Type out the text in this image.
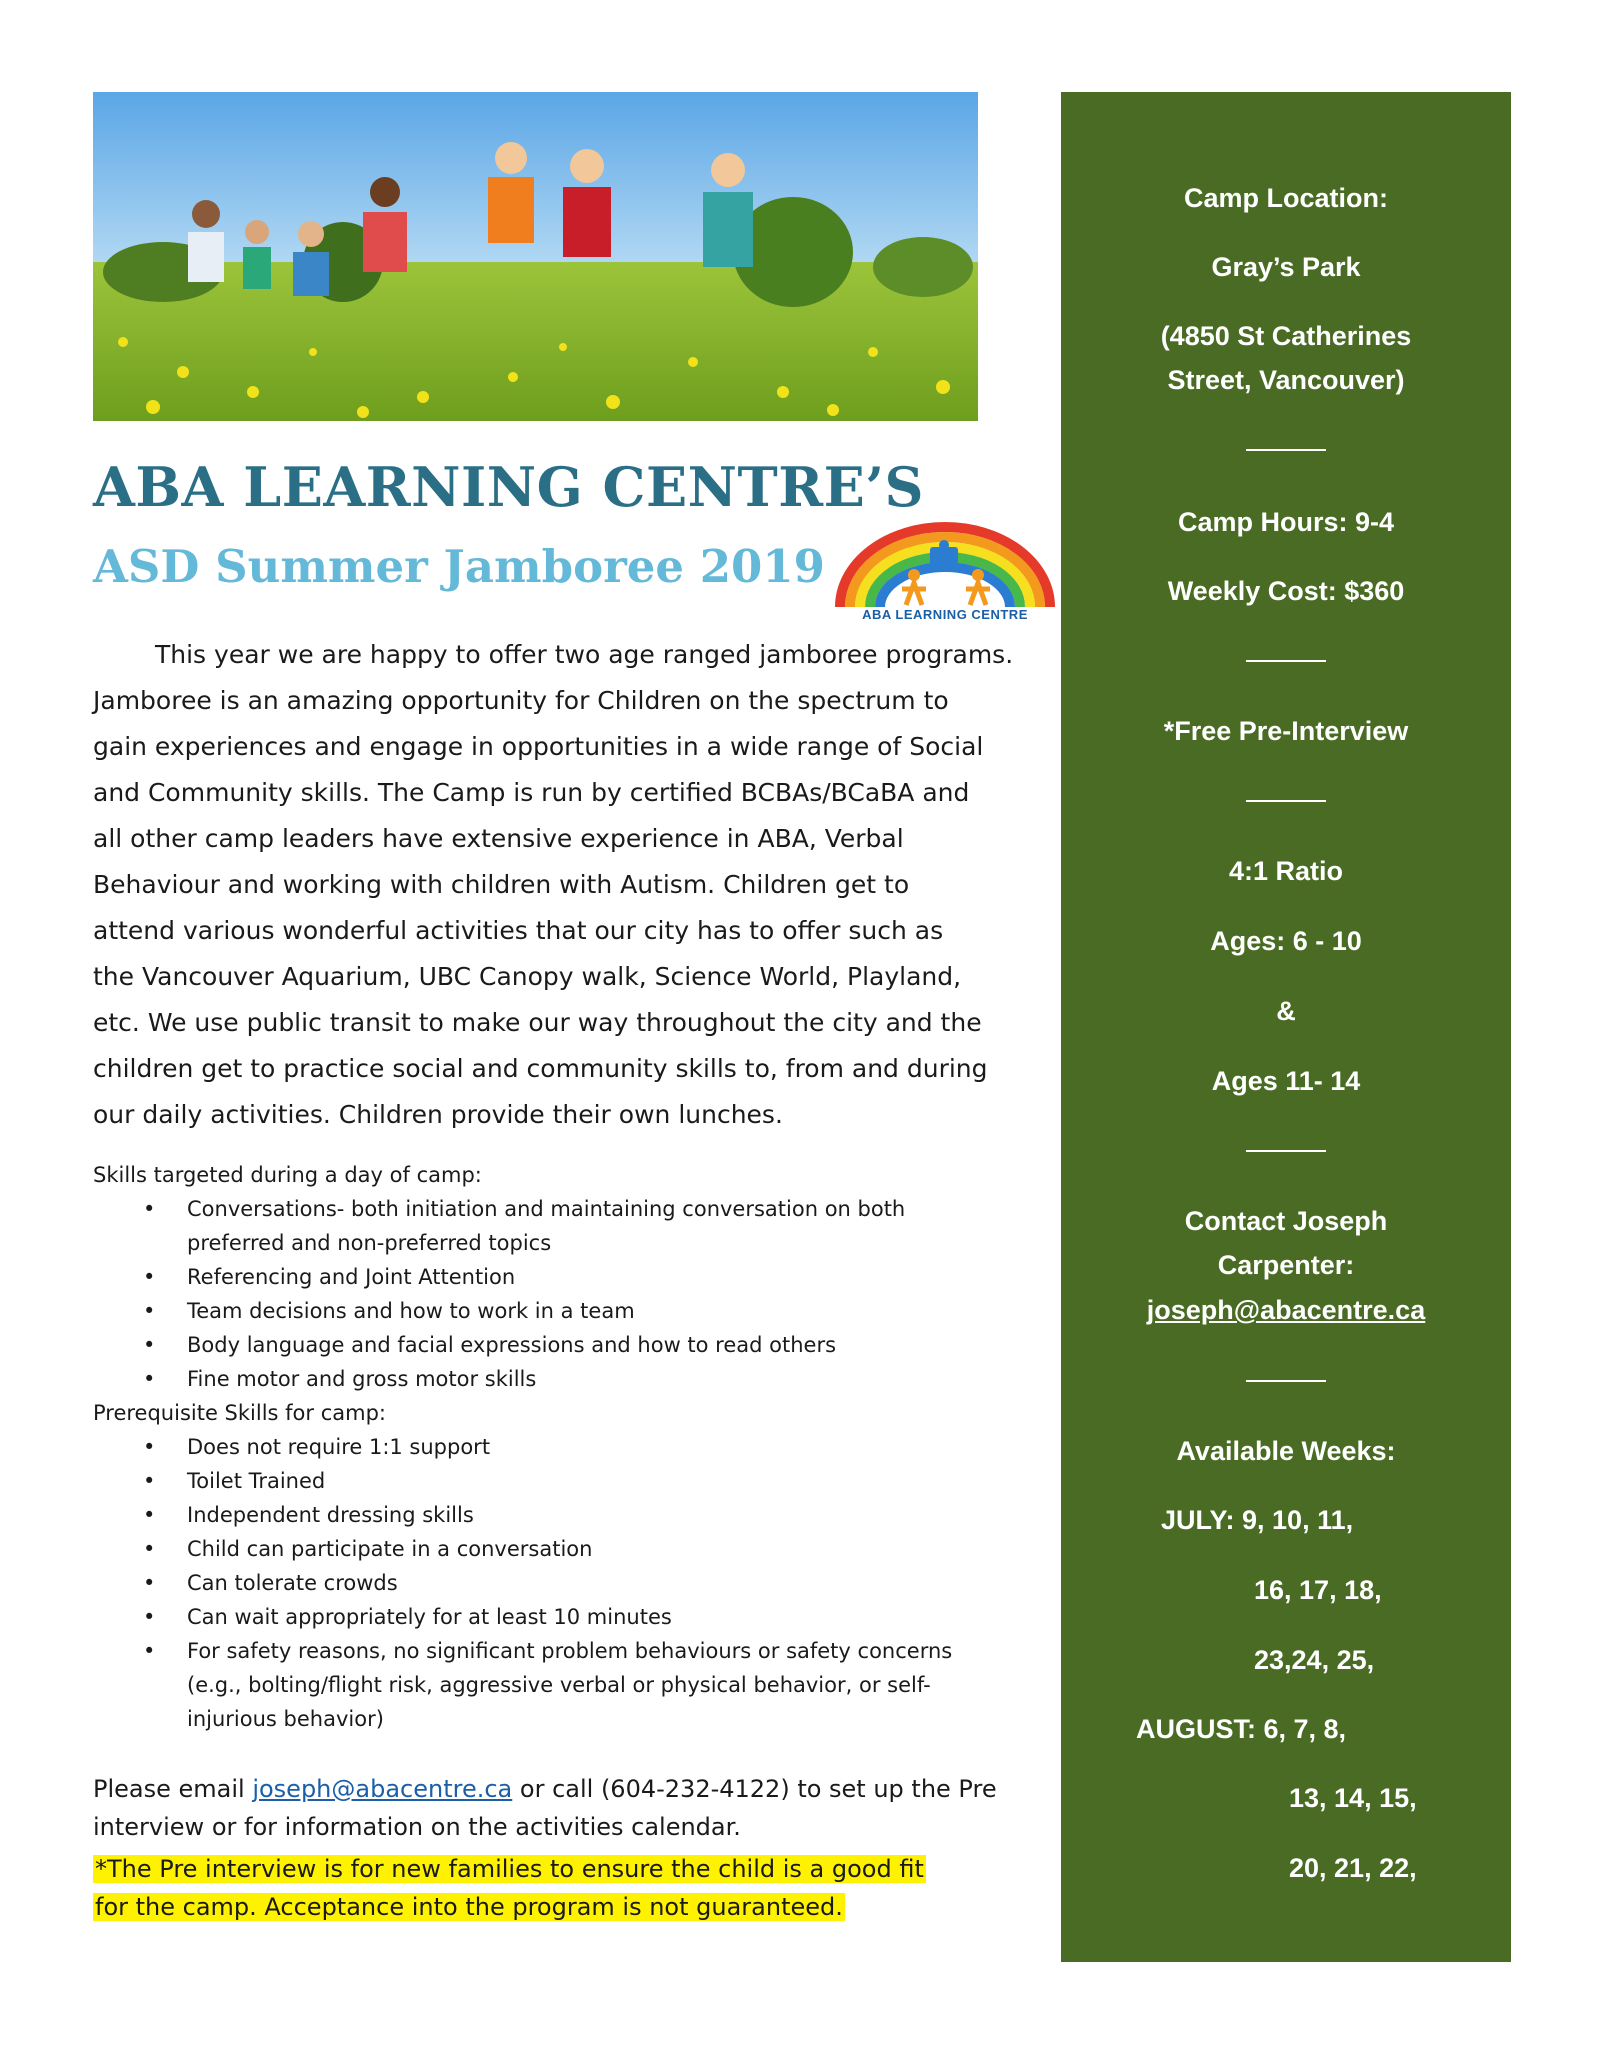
ABA LEARNING CENTRE’S
ASD Summer Jamboree 2019
ABA LEARNING CENTRE
This year we are happy to offer two age ranged jamboree programs.
Jamboree is an amazing opportunity for Children on the spectrum to
gain experiences and engage in opportunities in a wide range of Social
and Community skills. The Camp is run by certified BCBAs/BCaBA and
all other camp leaders have extensive experience in ABA, Verbal
Behaviour and working with children with Autism. Children get to
attend various wonderful activities that our city has to offer such as
the Vancouver Aquarium, UBC Canopy walk, Science World, Playland,
etc. We use public transit to make our way throughout the city and the
children get to practice social and community skills to, from and during
our daily activities. Children provide their own lunches.
Skills targeted during a day of camp:
• Conversations- both initiation and maintaining conversation on both
preferred and non-preferred topics
• Referencing and Joint Attention
• Team decisions and how to work in a team
• Body language and facial expressions and how to read others
• Fine motor and gross motor skills
Prerequisite Skills for camp:
• Does not require 1:1 support
• Toilet Trained
• Independent dressing skills
• Child can participate in a conversation
• Can tolerate crowds
• Can wait appropriately for at least 10 minutes
• For safety reasons, no significant problem behaviours or safety concerns
(e.g., bolting/flight risk, aggressive verbal or physical behavior, or self-
injurious behavior)
Please email joseph@abacentre.ca or call (604-232-4122) to set up the Pre
interview or for information on the activities calendar.
*The Pre interview is for new families to ensure the child is a good fit
for the camp. Acceptance into the program is not guaranteed.
Camp Location:
Gray’s Park
(4850 St Catherines
Street, Vancouver)
Camp Hours: 9-4
Weekly Cost: $360
*Free Pre-Interview
4:1 Ratio
Ages: 6 - 10
&
Ages 11- 14
Contact Joseph
Carpenter:
joseph@abacentre.ca
Available Weeks:
JULY: 9, 10, 11,
16, 17, 18,
23,24, 25,
AUGUST: 6, 7, 8,
13, 14, 15,
20, 21, 22,
